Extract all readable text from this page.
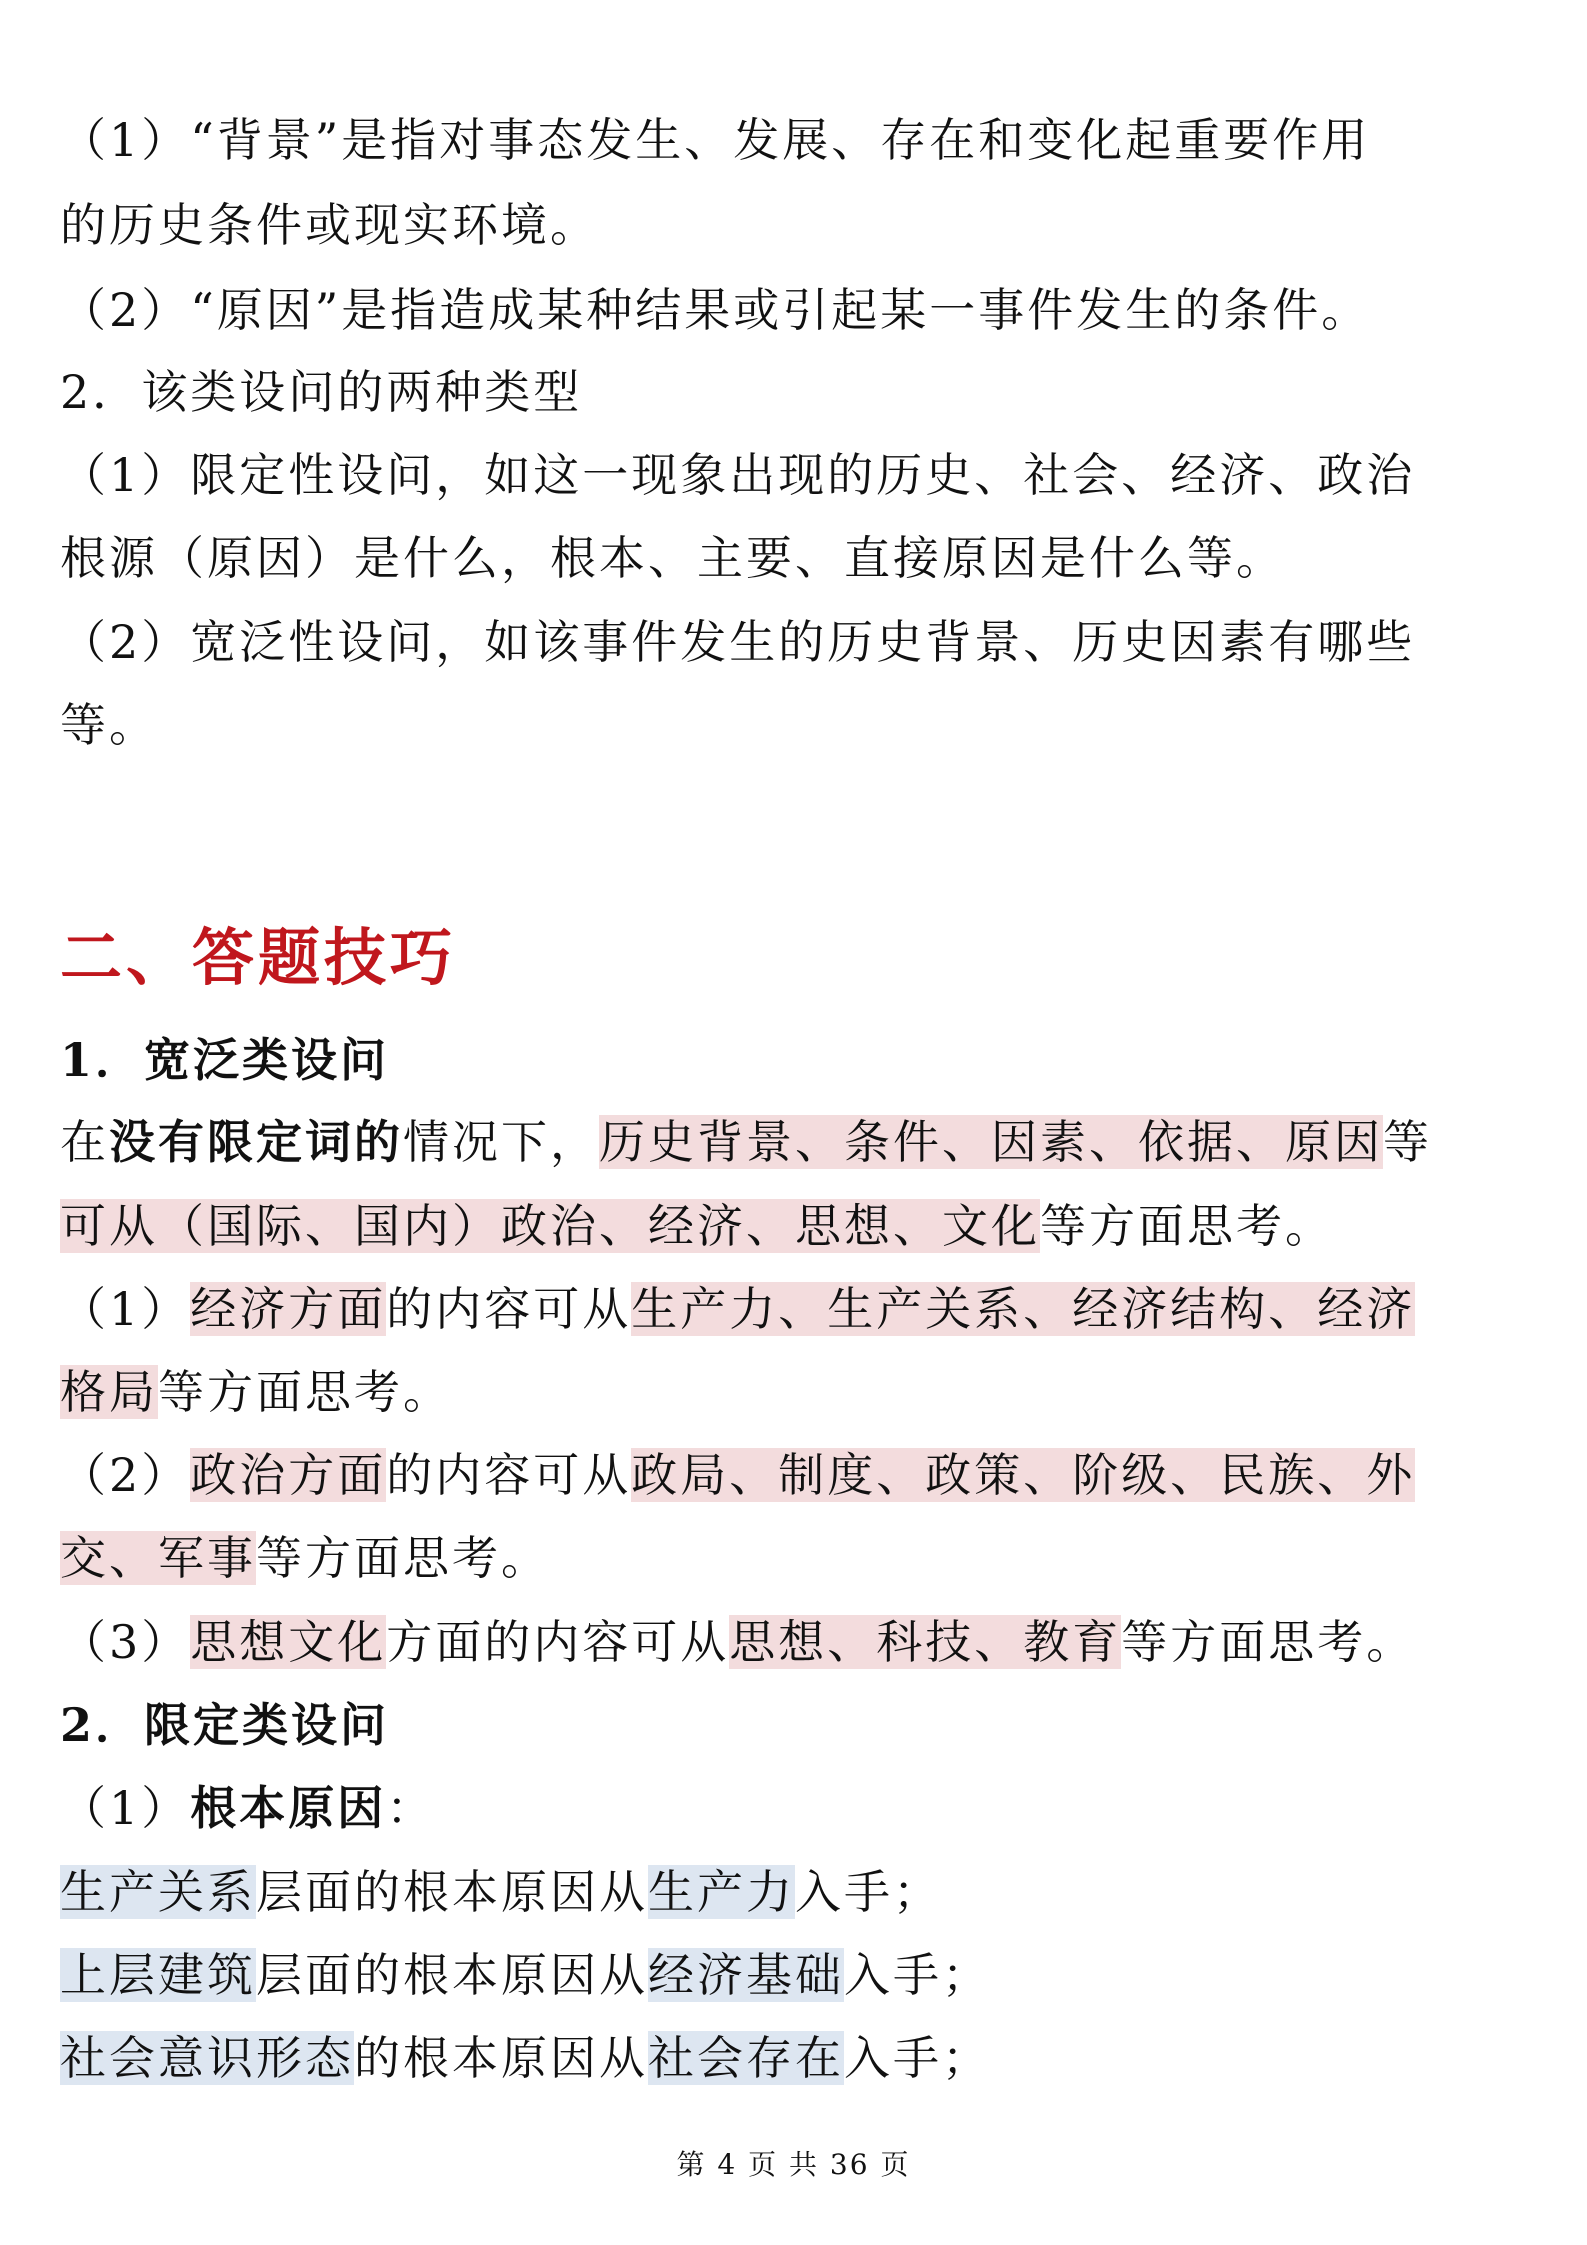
（1）“背景”是指对事态发生、发展、存在和变化起重要作用
的历史条件或现实环境。
（2）“原因”是指造成某种结果或引起某一事件发生的条件。
2．该类设问的两种类型
（1）限定性设问，如这一现象出现的历史、社会、经济、政治
根源（原因）是什么，根本、主要、直接原因是什么等。
（2）宽泛性设问，如该事件发生的历史背景、历史因素有哪些
等。
二、答题技巧
1．宽泛类设问
在没有限定词的情况下，历史背景、条件、因素、依据、原因等
可从（国际、国内）政治、经济、思想、文化等方面思考。
（1）经济方面的内容可从生产力、生产关系、经济结构、经济
格局等方面思考。
（2）政治方面的内容可从政局、制度、政策、阶级、民族、外
交、军事等方面思考。
（3）思想文化方面的内容可从思想、科技、教育等方面思考。
2．限定类设问
（1）根本原因：
生产关系层面的根本原因从生产力入手；
上层建筑层面的根本原因从经济基础入手；
社会意识形态的根本原因从社会存在入手；
第 4 页 共 36 页
